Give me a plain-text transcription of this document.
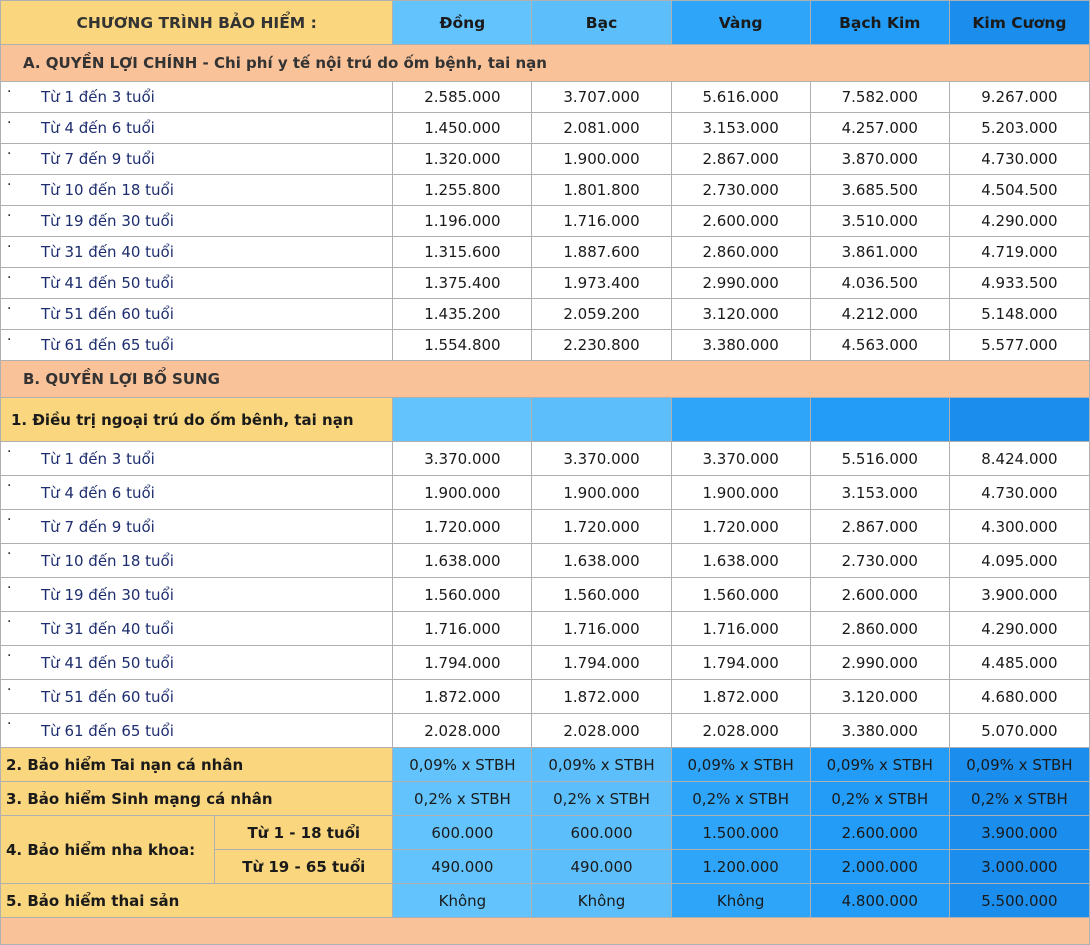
CHƯƠNG TRÌNH BẢO HIỂM :		Đồng	Bạc	Vàng	Bạch Kim	Kim Cương
A. QUYỀN LỢI CHÍNH - Chi phí y tế nội trú do ốm bệnh, tai nạn						

· Từ 1 đến 3 tuổi		2.585.000	3.707.000	5.616.000	7.582.000	9.267.000

· Từ 4 đến 6 tuổi		1.450.000	2.081.000	3.153.000	4.257.000	5.203.000

· Từ 7 đến 9 tuổi		1.320.000	1.900.000	2.867.000	3.870.000	4.730.000

· Từ 10 đến 18 tuổi		1.255.800	1.801.800	2.730.000	3.685.500	4.504.500

· Từ 19 đến 30 tuổi		1.196.000	1.716.000	2.600.000	3.510.000	4.290.000

· Từ 31 đến 40 tuổi		1.315.600	1.887.600	2.860.000	3.861.000	4.719.000

· Từ 41 đến 50 tuổi		1.375.400	1.973.400	2.990.000	4.036.500	4.933.500

· Từ 51 đến 60 tuổi		1.435.200	2.059.200	3.120.000	4.212.000	5.148.000

· Từ 61 đến 65 tuổi		1.554.800	2.230.800	3.380.000	4.563.000	5.577.000
B. QUYỀN LỢI BỔ SUNG						
1. Điều trị ngoại trú do ốm bênh, tai nạn						

· Từ 1 đến 3 tuổi		3.370.000	3.370.000	3.370.000	5.516.000	8.424.000

· Từ 4 đến 6 tuổi		1.900.000	1.900.000	1.900.000	3.153.000	4.730.000

· Từ 7 đến 9 tuổi		1.720.000	1.720.000	1.720.000	2.867.000	4.300.000

· Từ 10 đến 18 tuổi		1.638.000	1.638.000	1.638.000	2.730.000	4.095.000

· Từ 19 đến 30 tuổi		1.560.000	1.560.000	1.560.000	2.600.000	3.900.000

· Từ 31 đến 40 tuổi		1.716.000	1.716.000	1.716.000	2.860.000	4.290.000

· Từ 41 đến 50 tuổi		1.794.000	1.794.000	1.794.000	2.990.000	4.485.000

· Từ 51 đến 60 tuổi		1.872.000	1.872.000	1.872.000	3.120.000	4.680.000

· Từ 61 đến 65 tuổi		2.028.000	2.028.000	2.028.000	3.380.000	5.070.000
2. Bảo hiểm Tai nạn cá nhân		0,09% x STBH	0,09% x STBH	0,09% x STBH	0,09% x STBH	0,09% x STBH
3. Bảo hiểm Sinh mạng cá nhân		0,2% x STBH	0,2% x STBH	0,2% x STBH	0,2% x STBH	0,2% x STBH
4. Bảo hiểm nha khoa:	Từ 1 - 18 tuổi	600.000	600.000	1.500.000	2.600.000	3.900.000
	Từ 19 - 65 tuổi	490.000	490.000	1.200.000	2.000.000	3.000.000
5. Bảo hiểm thai sản		Không	Không	Không	4.800.000	5.500.000
